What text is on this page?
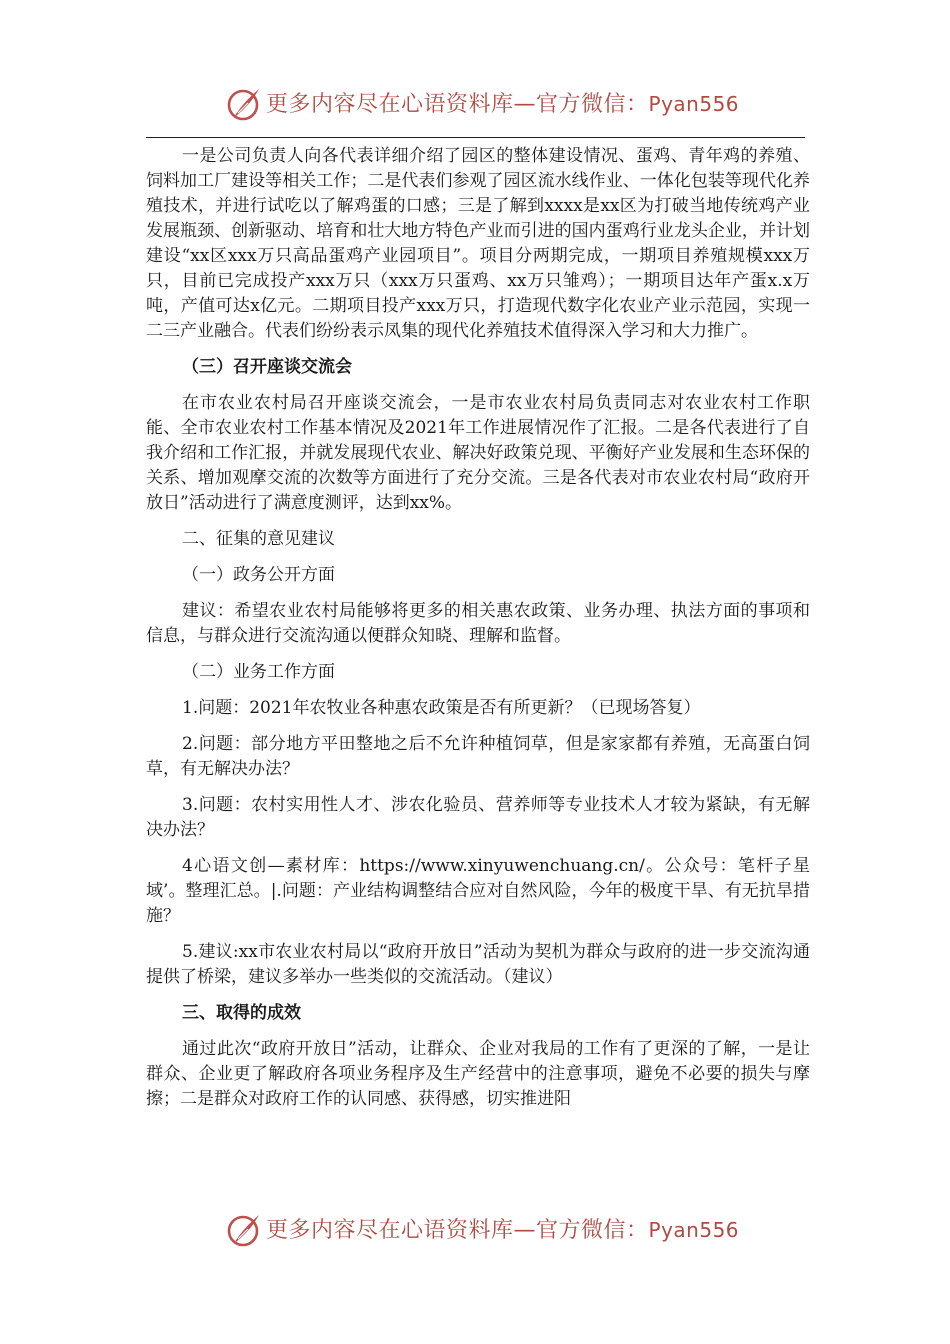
更多内容尽在心语资料库—官方微信：Pyan556

一是公司负责人向各代表详细介绍了园区的整体建设情况、蛋鸡、青年鸡的养殖、饲料加工厂建设等相关工作；二是代表们参观了园区流水线作业、一体化包装等现代化养殖技术，并进行试吃以了解鸡蛋的口感；三是了解到xxxx是xx区为打破当地传统鸡产业发展瓶颈、创新驱动、培育和壮大地方特色产业而引进的国内蛋鸡行业龙头企业，并计划建设“xx区xxx万只高品蛋鸡产业园项目”。项目分两期完成，一期项目养殖规模xxx万只，目前已完成投产xxx万只（xxx万只蛋鸡、xx万只雏鸡）；一期项目达年产蛋x.x万吨，产值可达x亿元。二期项目投产xxx万只，打造现代数字化农业产业示范园，实现一二三产业融合。代表们纷纷表示凤集的现代化养殖技术值得深入学习和大力推广。

（三）召开座谈交流会

在市农业农村局召开座谈交流会，一是市农业农村局负责同志对农业农村工作职能、全市农业农村工作基本情况及2021年工作进展情况作了汇报。二是各代表进行了自我介绍和工作汇报，并就发展现代农业、解决好政策兑现、平衡好产业发展和生态环保的关系、增加观摩交流的次数等方面进行了充分交流。三是各代表对市农业农村局“政府开放日”活动进行了满意度测评，达到xx%。

二、征集的意见建议

（一）政务公开方面

建议：希望农业农村局能够将更多的相关惠农政策、业务办理、执法方面的事项和信息，与群众进行交流沟通以便群众知晓、理解和监督。

（二）业务工作方面

1.问题：2021年农牧业各种惠农政策是否有所更新？（已现场答复）

2.问题：部分地方平田整地之后不允许种植饲草，但是家家都有养殖，无高蛋白饲草，有无解决办法？

3.问题：农村实用性人才、涉农化验员、营养师等专业技术人才较为紧缺，有无解决办法？

4心语文创—素材库：https://www.xinyuwenchuang.cn/。公众号：笔杆子星域’。整理汇总。|.问题：产业结构调整结合应对自然风险，今年的极度干旱、有无抗旱措施？

5.建议:xx市农业农村局以“政府开放日”活动为契机为群众与政府的进一步交流沟通提供了桥梁，建议多举办一些类似的交流活动。（建议）

三、取得的成效

通过此次“政府开放日”活动，让群众、企业对我局的工作有了更深的了解，一是让群众、企业更了解政府各项业务程序及生产经营中的注意事项，避免不必要的损失与摩擦；二是群众对政府工作的认同感、获得感，切实推进阳

更多内容尽在心语资料库—官方微信：Pyan556
